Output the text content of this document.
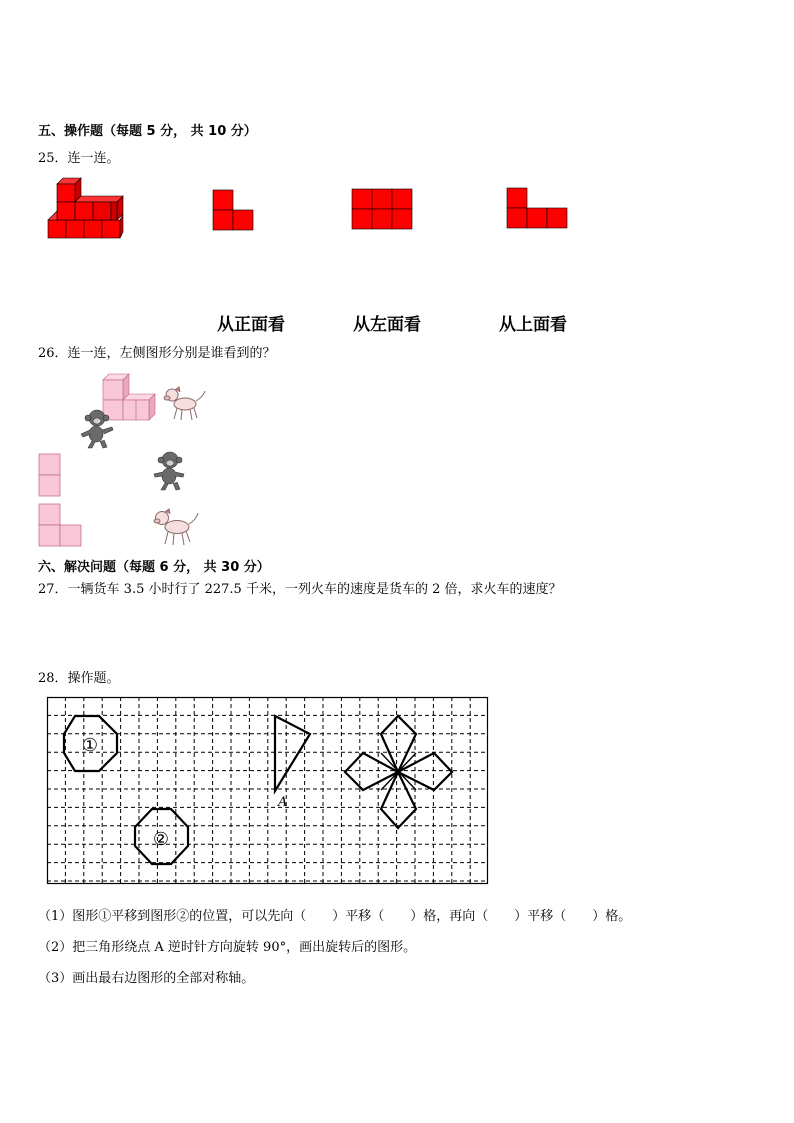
五、操作题（每题 5 分， 共 10 分）
25．连一连。
从正面看	从左面看	从上面看
26．连一连，左侧图形分别是谁看到的？
六、解决问题（每题 6 分， 共 30 分）
27．一辆货车 3.5 小时行了 227.5 千米，一列火车的速度是货车的 2 倍，求火车的速度？
28．操作题。
①
②
A
（1）图形①平移到图形②的位置，可以先向（　　）平移（　　）格，再向（　　）平移（　　）格。
（2）把三角形绕点 A 逆时针方向旋转 90°，画出旋转后的图形。
（3）画出最右边图形的全部对称轴。
